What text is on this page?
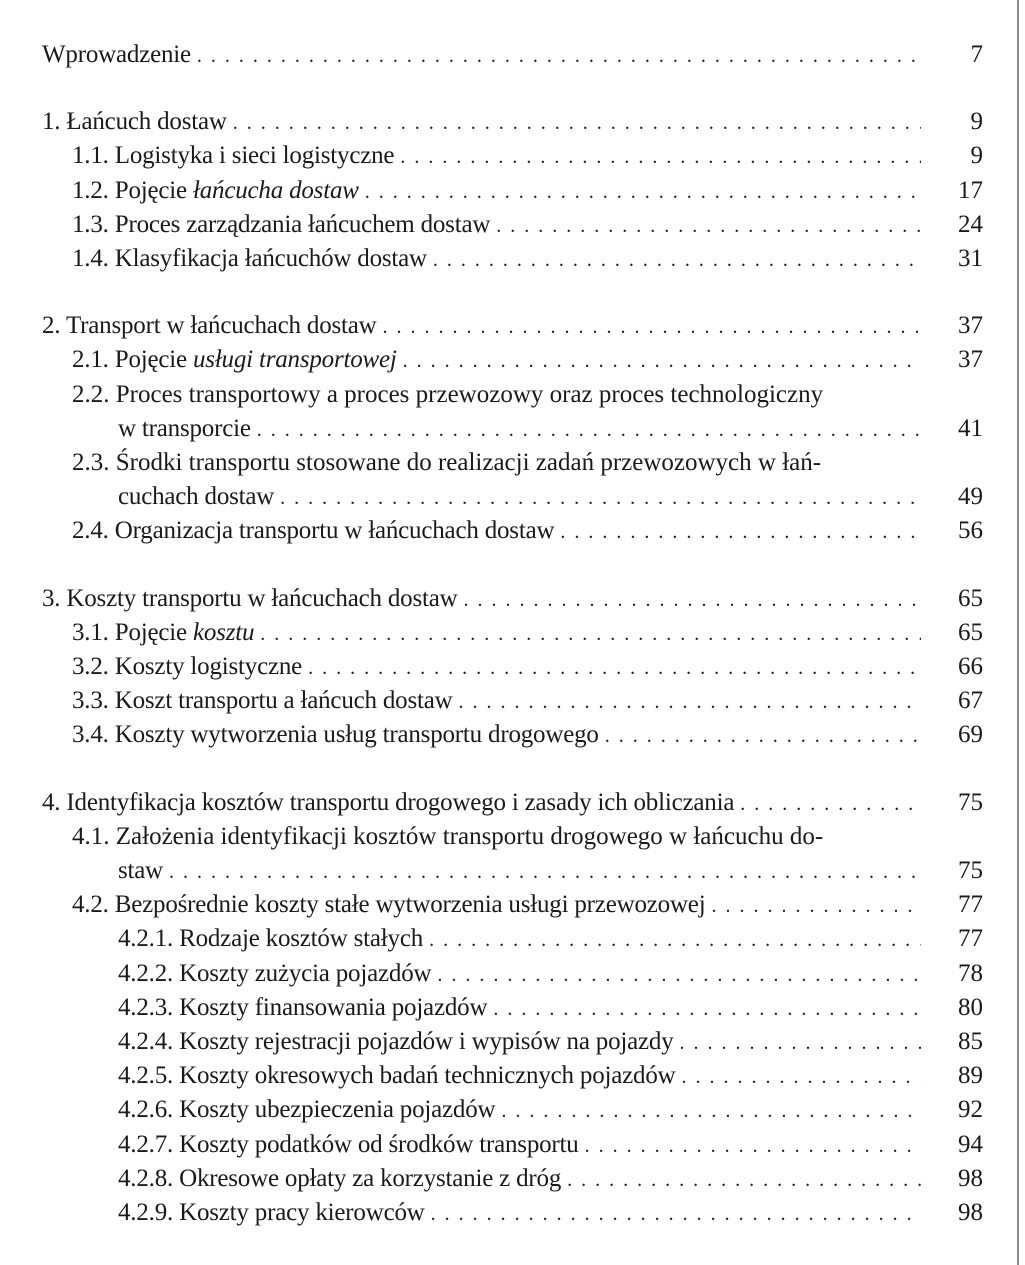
Wprowadzenie . . .	7
1. Łańcuch dostaw . . .	9
1.1. Logistyka i sieci logistyczne . . .	9
1.2. Pojęcie łańcucha dostaw . . .	17
1.3. Proces zarządzania łańcuchem dostaw . . .	24
1.4. Klasyfikacja łańcuchów dostaw . . .	31
2. Transport w łańcuchach dostaw . . .	37
2.1. Pojęcie usługi transportowej . . .	37
2.2. Proces transportowy a proces przewozowy oraz proces technologiczny
w transporcie . . .	41
2.3. Środki transportu stosowane do realizacji zadań przewozowych w łań-
cuchach dostaw . . .	49
2.4. Organizacja transportu w łańcuchach dostaw . . .	56
3. Koszty transportu w łańcuchach dostaw . . .	65
3.1. Pojęcie kosztu . . .	65
3.2. Koszty logistyczne . . .	66
3.3. Koszt transportu a łańcuch dostaw . . .	67
3.4. Koszty wytworzenia usług transportu drogowego . . .	69
4. Identyfikacja kosztów transportu drogowego i zasady ich obliczania . . .	75
4.1. Założenia identyfikacji kosztów transportu drogowego w łańcuchu do-
staw . . .	75
4.2. Bezpośrednie koszty stałe wytworzenia usługi przewozowej . . .	77
4.2.1. Rodzaje kosztów stałych . . .	77
4.2.2. Koszty zużycia pojazdów . . .	78
4.2.3. Koszty finansowania pojazdów . . .	80
4.2.4. Koszty rejestracji pojazdów i wypisów na pojazdy . . .	85
4.2.5. Koszty okresowych badań technicznych pojazdów . . .	89
4.2.6. Koszty ubezpieczenia pojazdów . . .	92
4.2.7. Koszty podatków od środków transportu . . .	94
4.2.8. Okresowe opłaty za korzystanie z dróg . . .	98
4.2.9. Koszty pracy kierowców . . .	98
